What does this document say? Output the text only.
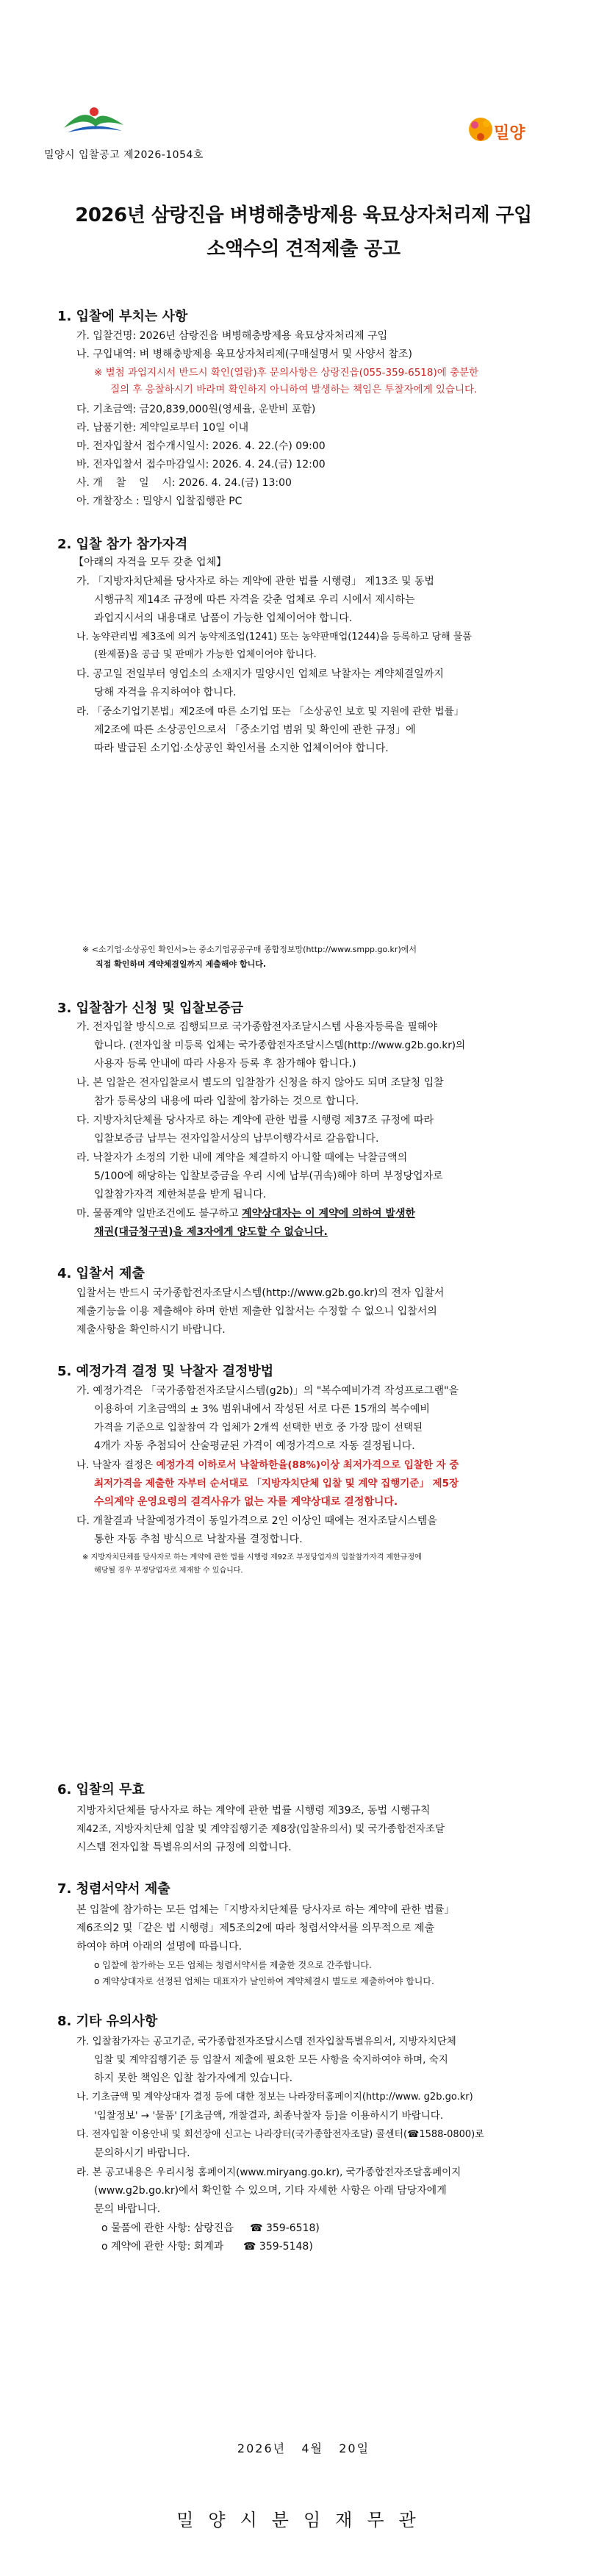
밀양시 입찰공고 제2026-1054호
밀양
2026년 삼랑진읍 벼병해충방제용 육묘상자처리제 구입
소액수의 견적제출 공고
1. 입찰에 부치는 사항
가. 입찰건명: 2026년 삼랑진읍 벼병해충방제용 육묘상자처리제 구입
나. 구입내역: 벼 병해충방제용 육묘상자처리제(구매설명서 및 사양서 참조)
※ 별첨 과업지시서 반드시 확인(열람)후 문의사항은 상랑진읍(055-359-6518)에 충분한
질의 후 응찰하시기 바라며 확인하지 아니하여 발생하는 책임은 투찰자에게 있습니다.
다. 기초금액: 금20,839,000원(영세율, 운반비 포함)
라. 납품기한: 계약일로부터 10일 이내
마. 전자입찰서 접수개시일시: 2026. 4. 22.(수) 09:00
바. 전자입찰서 접수마감일시: 2026. 4. 24.(금) 12:00
사. 개    찰    일    시: 2026. 4. 24.(금) 13:00
아. 개찰장소 : 밀양시 입찰집행관 PC
2. 입찰 참가 참가자격
【아래의 자격을 모두 갖춘 업체】
가. 「지방자치단체를 당사자로 하는 계약에 관한 법률 시행령」 제13조 및 동법
시행규칙 제14조 규정에 따른 자격을 갖춘 업체로 우리 시에서 제시하는
과업지시서의 내용대로 납품이 가능한 업체이어야 합니다.
나. 농약관리법 제3조에 의거 농약제조업(1241) 또는 농약판매업(1244)을 등록하고 당해 물품
(완제품)을 공급 및 판매가 가능한 업체이어야 합니다.
다. 공고일 전일부터 영업소의 소재지가 밀양시인 업체로 낙찰자는 계약체결일까지
당해 자격을 유지하여야 합니다.
라. 「중소기업기본법」제2조에 따른 소기업 또는 「소상공인 보호 및 지원에 관한 법률」
제2조에 따른 소상공인으로서 「중소기업 범위 및 확인에 관한 규정」에
따라 발급된 소기업·소상공인 확인서를 소지한 업체이어야 합니다.
※ <소기업·소상공인 확인서>는 중소기업공공구매 종합정보망(http://www.smpp.go.kr)에서
직접 확인하며 계약체결일까지 제출해야 합니다.
3. 입찰참가 신청 및 입찰보증금
가. 전자입찰 방식으로 집행되므로 국가종합전자조달시스템 사용자등록을 필해야
합니다. (전자입찰 미등록 업체는 국가종합전자조달시스템(http://www.g2b.go.kr)의
사용자 등록 안내에 따라 사용자 등록 후 참가해야 합니다.)
나. 본 입찰은 전자입찰로서 별도의 입찰참가 신청을 하지 않아도 되며 조달청 입찰
참가 등록상의 내용에 따라 입찰에 참가하는 것으로 합니다.
다. 지방자치단체를 당사자로 하는 계약에 관한 법률 시행령 제37조 규정에 따라
입찰보증금 납부는 전자입찰서상의 납부이행각서로 갈음합니다.
라. 낙찰자가 소정의 기한 내에 계약을 체결하지 아니할 때에는 낙찰금액의
5/100에 해당하는 입찰보증금을 우리 시에 납부(귀속)해야 하며 부정당업자로
입찰참가자격 제한처분을 받게 됩니다.
마. 물품계약 일반조건에도 불구하고 계약상대자는 이 계약에 의하여 발생한
채권(대금청구권)을 제3자에게 양도할 수 없습니다.
4. 입찰서 제출
입찰서는 반드시 국가종합전자조달시스템(http://www.g2b.go.kr)의 전자 입찰서
제출기능을 이용 제출해야 하며 한번 제출한 입찰서는 수정할 수 없으니 입찰서의
제출사항을 확인하시기 바랍니다.
5. 예정가격 결정 및 낙찰자 결정방법
가. 예정가격은 「국가종합전자조달시스템(g2b)」의 "복수예비가격 작성프로그램"을
이용하여 기초금액의 ± 3% 범위내에서 작성된 서로 다른 15개의 복수예비
가격을 기준으로 입찰참여 각 업체가 2개씩 선택한 번호 중 가장 많이 선택된
4개가 자동 추첨되어 산술평균된 가격이 예정가격으로 자동 결정됩니다.
나. 낙찰자 결정은 예정가격 이하로서 낙찰하한율(88%)이상 최저가격으로 입찰한 자 중
최저가격을 제출한 자부터 순서대로 「지방자치단체 입찰 및 계약 집행기준」 제5장
수의계약 운영요령의 결격사유가 없는 자를 계약상대로 결정합니다.
다. 개찰결과 낙찰예정가격이 동일가격으로 2인 이상인 때에는 전자조달시스템을
통한 자동 추첨 방식으로 낙찰자를 결정합니다.
※ 지방자치단체를 당사자로 하는 계약에 관한 법률 시행령 제92조 부정당업자의 입찰참가자격 제한규정에
해당될 경우 부정당업자로 제재할 수 있습니다.
6. 입찰의 무효
지방자치단체를 당사자로 하는 계약에 관한 법률 시행령 제39조, 동법 시행규칙
제42조, 지방자치단체 입찰 및 계약집행기준 제8장(입찰유의서) 및 국가종합전자조달
시스템 전자입찰 특별유의서의 규정에 의합니다.
7. 청렴서약서 제출
본 입찰에 참가하는 모든 업체는「지방자치단체를 당사자로 하는 계약에 관한 법률」
제6조의2 및「같은 법 시행령」제5조의2에 따라 청렴서약서를 의무적으로 제출
하여야 하며 아래의 설명에 따릅니다.
o 입찰에 참가하는 모든 업체는 청렴서약서를 제출한 것으로 간주합니다.
o 계약상대자로 선정된 업체는 대표자가 날인하여 계약체결시 별도로 제출하여야 합니다.
8. 기타 유의사항
가. 입찰참가자는 공고기준, 국가종합전자조달시스템 전자입찰특별유의서, 지방자치단체
입찰 및 계약집행기준 등 입찰서 제출에 필요한 모든 사항을 숙지하여야 하며, 숙지
하지 못한 책임은 입찰 참가자에게 있습니다.
나. 기초금액 및 계약상대자 결정 등에 대한 정보는 나라장터홈페이지(http://www. g2b.go.kr)
'입찰정보' → '물품' [기초금액, 개찰결과, 최종낙찰자 등]을 이용하시기 바랍니다.
다. 전자입찰 이용안내 및 회선장애 신고는 나라장터(국가종합전자조달) 콜센터(☎1588-0800)로
문의하시기 바랍니다.
라. 본 공고내용은 우리시청 홈페이지(www.miryang.go.kr), 국가종합전자조달홈페이지
(www.g2b.go.kr)에서 확인할 수 있으며, 기타 자세한 사항은 아래 담당자에게
문의 바랍니다.
o 물품에 관한 사항: 삼랑진읍     ☎ 359-6518)
o 계약에 관한 사항: 회계과      ☎ 359-5148)
2026년   4월   20일
밀양시분임재무관
